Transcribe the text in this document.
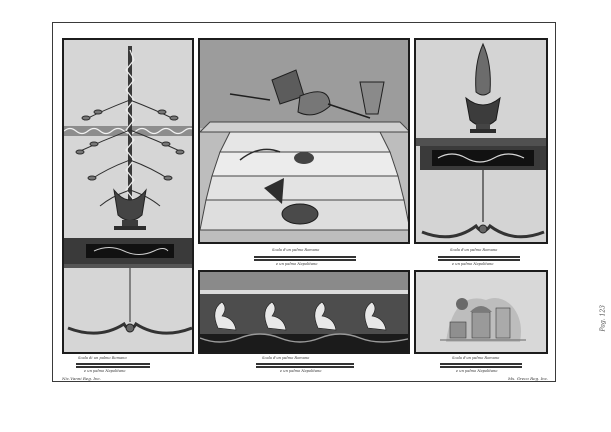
Scala di un palmo Romano
e un palmo Napolitano
Scala d'un palmo Romano
e un palmo Napolitano
Scala d'un palmo Romano
e un palmo Napolitano
Scala d'un palmo Romano
e un palmo Napolitano
Scala d'un palmo Romano
e un palmo Napolitano
Nic.Vanni Reg. Inc.	Ms. Greco Reg. Inc.
Pag. 123
